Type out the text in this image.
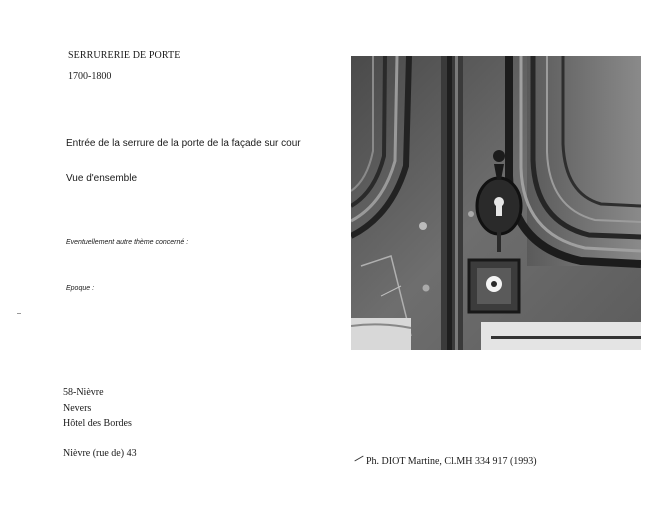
SERRURERIE DE PORTE
1700-1800
Entrée de la serrure de la porte de la façade sur cour
Vue d'ensemble
Eventuellement autre thème concerné :
Epoque :
58-Nièvre
Nevers
Hôtel des Bordes
Nièvre (rue de) 43
Ph. DIOT Martine, Cl.MH 334 917 (1993)
